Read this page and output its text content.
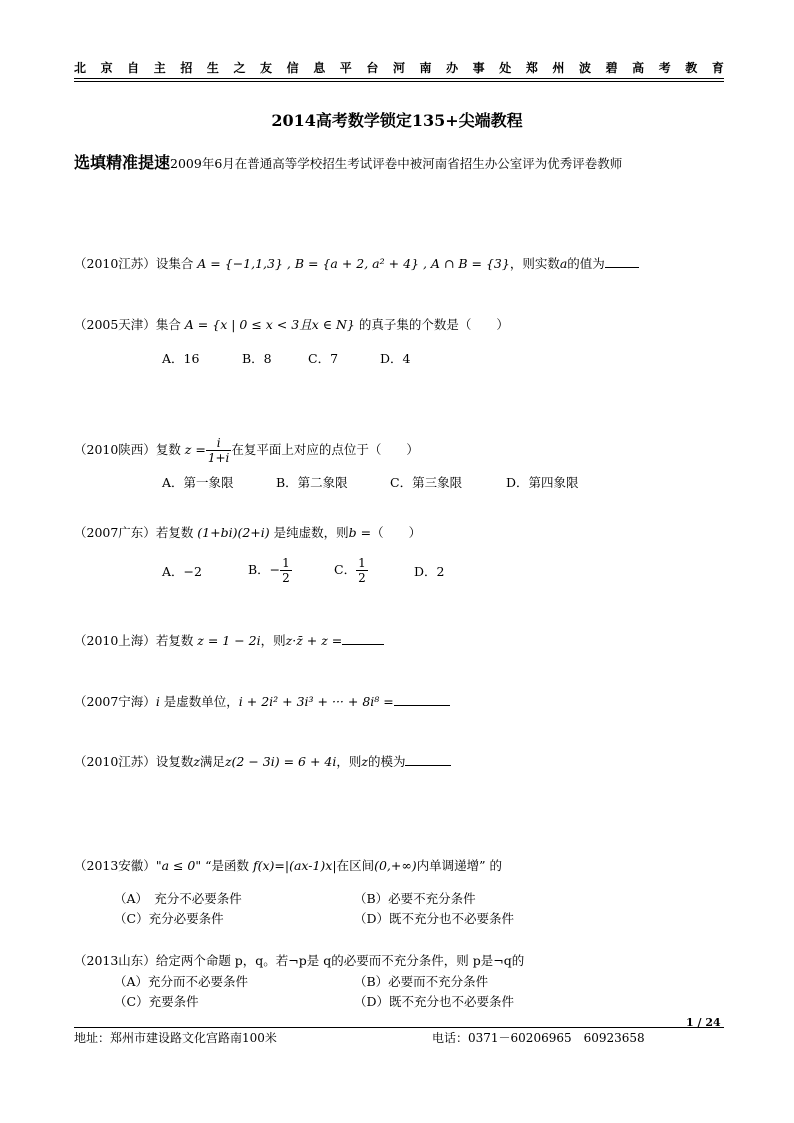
北 京 自 主 招 生 之 友 信 息 平 台 河 南 办 事 处 郑 州 波 碧 高 考 教 育
2014高考数学锁定135+尖端教程
选填精准提速2009年6月在普通高等学校招生考试评卷中被河南省招生办公室评为优秀评卷教师
（2010江苏）设集合 A = {−1,1,3} , B = {a + 2, a² + 4} , A ∩ B = {3}，则实数a的值为
（2005天津）集合 A = {x | 0 ≤ x < 3且x ∈ N} 的真子集的个数是（　　）
A．16	B．8	C．7	D．4
（2010陕西）复数 $z = \frac{i}{1+i}$ 在复平面上对应的点位于（　　）
A．第一象限	B．第二象限	C．第三象限	D．第四象限
（2007广东）若复数 (1+bi)(2+i) 是纯虚数，则b =（　　）
A．−2	B．− $\frac{1}{2}$	C． $\frac{1}{2}$	D．2
（2010上海）若复数 z = 1 − 2i，则z·z̄ + z =
（2007宁海）i 是虚数单位，i + 2i² + 3i³ + ··· + 8i⁸ =
（2010江苏）设复数z满足z(2 − 3i) = 6 + 4i，则z的模为
（2013安徽）"a ≤ 0" “是函数 f(x)=|(ax-1)x|在区间(0,+∞)内单调递增” 的
（A）　充分不必要条件	（B）必要不充分条件
（C）充分必要条件	（D）既不充分也不必要条件
（2013山东）给定两个命题 p，q。若¬p是 q的必要而不充分条件，则 p是¬q的
（A）充分而不必要条件	（B）必要而不充分条件
（C）充要条件	（D）既不充分也不必要条件
1 / 24
地址：郑州市建设路文化宫路南100米	电话：0371－60206965　60923658
